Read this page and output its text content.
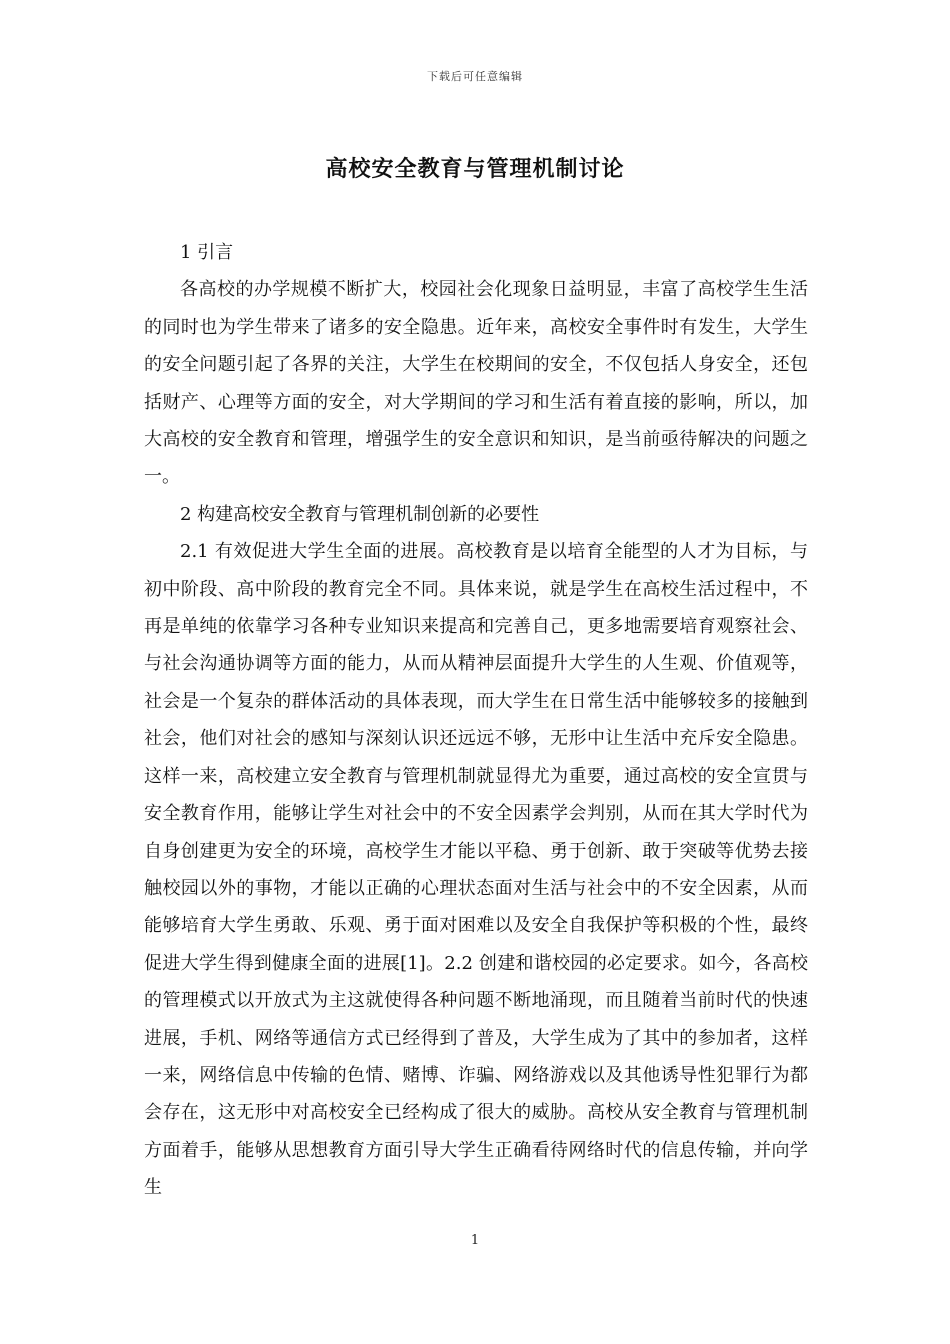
下载后可任意编辑
高校安全教育与管理机制讨论

1 引言

各高校的办学规模不断扩大，校园社会化现象日益明显，丰富了高校学生生活的同时也为学生带来了诸多的安全隐患。近年来，高校安全事件时有发生，大学生的安全问题引起了各界的关注，大学生在校期间的安全，不仅包括人身安全，还包括财产、心理等方面的安全，对大学期间的学习和生活有着直接的影响，所以，加大高校的安全教育和管理，增强学生的安全意识和知识，是当前亟待解决的问题之一。

2 构建高校安全教育与管理机制创新的必要性

2.1 有效促进大学生全面的进展。高校教育是以培育全能型的人才为目标，与初中阶段、高中阶段的教育完全不同。具体来说，就是学生在高校生活过程中，不再是单纯的依靠学习各种专业知识来提高和完善自己，更多地需要培育观察社会、与社会沟通协调等方面的能力，从而从精神层面提升大学生的人生观、价值观等，社会是一个复杂的群体活动的具体表现，而大学生在日常生活中能够较多的接触到社会，他们对社会的感知与深刻认识还远远不够，无形中让生活中充斥安全隐患。这样一来，高校建立安全教育与管理机制就显得尤为重要，通过高校的安全宣贯与安全教育作用，能够让学生对社会中的不安全因素学会判别，从而在其大学时代为自身创建更为安全的环境，高校学生才能以平稳、勇于创新、敢于突破等优势去接触校园以外的事物，才能以正确的心理状态面对生活与社会中的不安全因素，从而能够培育大学生勇敢、乐观、勇于面对困难以及安全自我保护等积极的个性，最终促进大学生得到健康全面的进展[1]。2.2 创建和谐校园的必定要求。如今，各高校的管理模式以开放式为主这就使得各种问题不断地涌现，而且随着当前时代的快速进展，手机、网络等通信方式已经得到了普及，大学生成为了其中的参加者，这样一来，网络信息中传输的色情、赌博、诈骗、网络游戏以及其他诱导性犯罪行为都会存在，这无形中对高校安全已经构成了很大的威胁。高校从安全教育与管理机制方面着手，能够从思想教育方面引导大学生正确看待网络时代的信息传输，并向学生

1
